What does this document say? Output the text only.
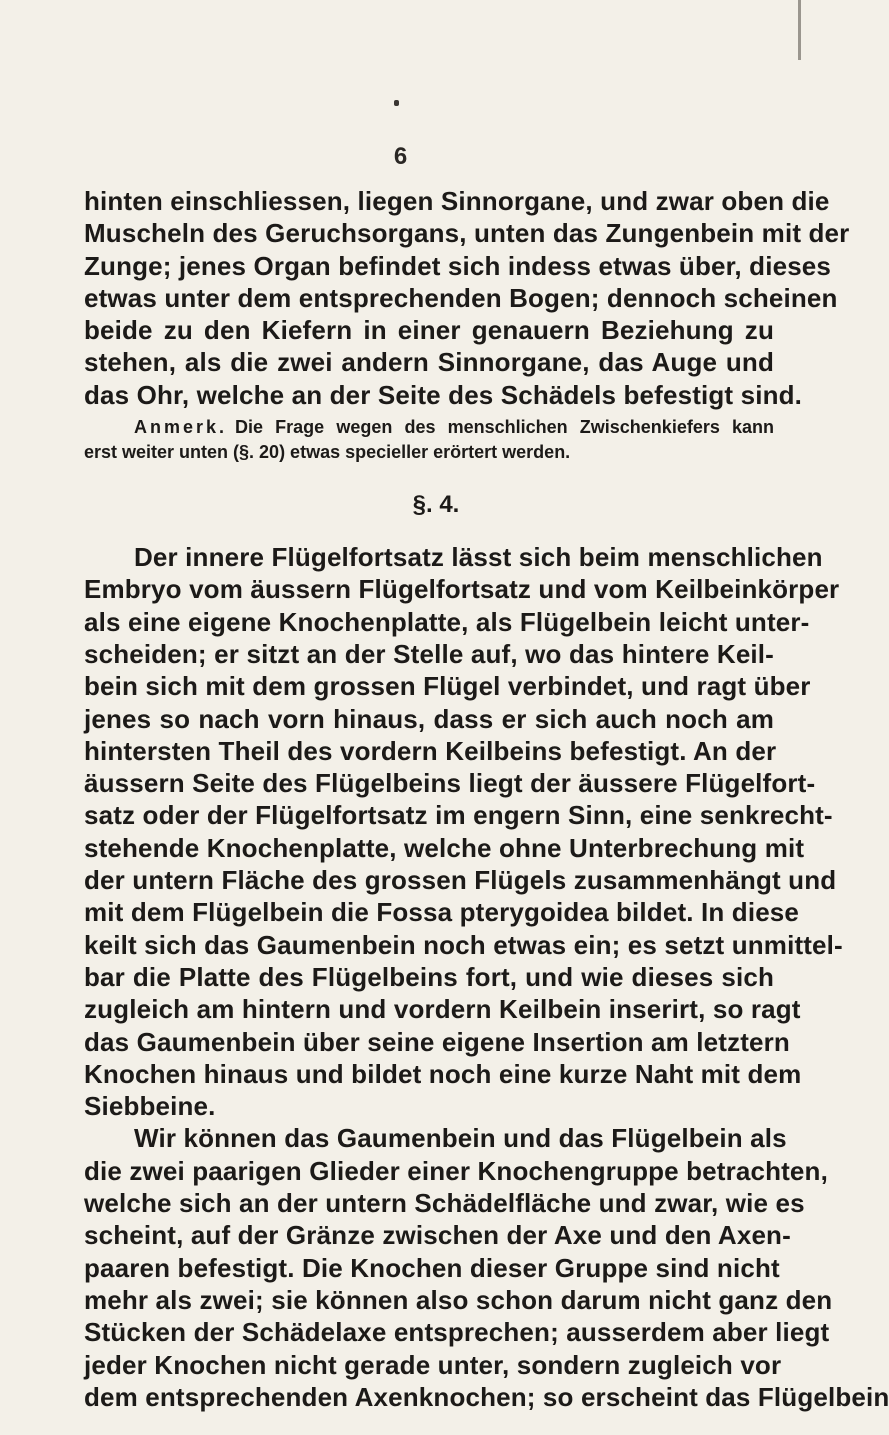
6
hinten einschliessen, liegen Sinnorgane, und zwar oben die
Muscheln des Geruchsorgans, unten das Zungenbein mit der
Zunge; jenes Organ befindet sich indess etwas über, dieses
etwas unter dem entsprechenden Bogen; dennoch scheinen
beide zu den Kiefern in einer genauern Beziehung zu
stehen, als die zwei andern Sinnorgane, das Auge und
das Ohr, welche an der Seite des Schädels befestigt sind.
Anmerk. Die Frage wegen des menschlichen Zwischenkiefers kann
erst weiter unten (§. 20) etwas specieller erörtert werden.
§. 4.
Der innere Flügelfortsatz lässt sich beim menschlichen
Embryo vom äussern Flügelfortsatz und vom Keilbeinkörper
als eine eigene Knochenplatte, als Flügelbein leicht unter-
scheiden; er sitzt an der Stelle auf, wo das hintere Keil-
bein sich mit dem grossen Flügel verbindet, und ragt über
jenes so nach vorn hinaus, dass er sich auch noch am
hintersten Theil des vordern Keilbeins befestigt. An der
äussern Seite des Flügelbeins liegt der äussere Flügelfort-
satz oder der Flügelfortsatz im engern Sinn, eine senkrecht-
stehende Knochenplatte, welche ohne Unterbrechung mit
der untern Fläche des grossen Flügels zusammenhängt und
mit dem Flügelbein die Fossa pterygoidea bildet. In diese
keilt sich das Gaumenbein noch etwas ein; es setzt unmittel-
bar die Platte des Flügelbeins fort, und wie dieses sich
zugleich am hintern und vordern Keilbein inserirt, so ragt
das Gaumenbein über seine eigene Insertion am letztern
Knochen hinaus und bildet noch eine kurze Naht mit dem
Siebbeine.
Wir können das Gaumenbein und das Flügelbein als
die zwei paarigen Glieder einer Knochengruppe betrachten,
welche sich an der untern Schädelfläche und zwar, wie es
scheint, auf der Gränze zwischen der Axe und den Axen-
paaren befestigt. Die Knochen dieser Gruppe sind nicht
mehr als zwei; sie können also schon darum nicht ganz den
Stücken der Schädelaxe entsprechen; ausserdem aber liegt
jeder Knochen nicht gerade unter, sondern zugleich vor
dem entsprechenden Axenknochen; so erscheint das Flügelbein
